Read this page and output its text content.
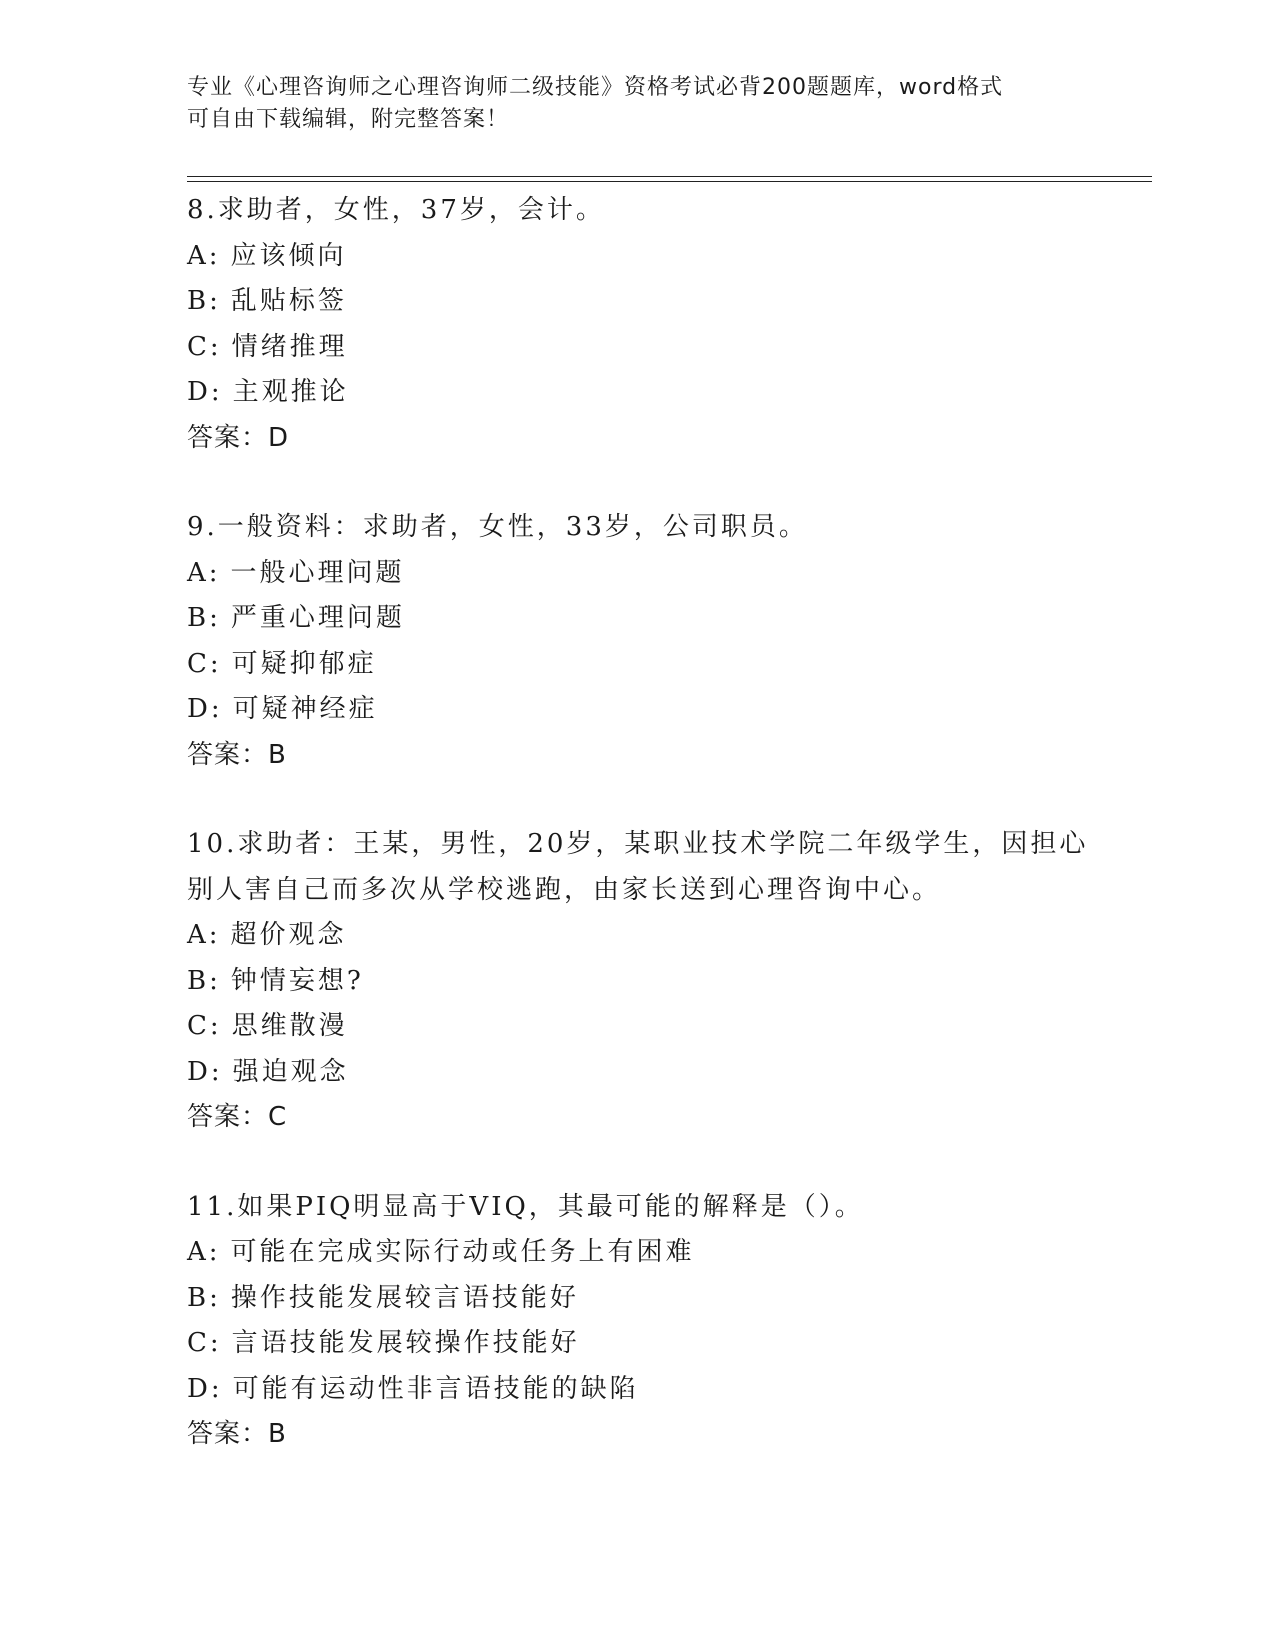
专业《心理咨询师之心理咨询师二级技能》资格考试必背200题题库，word格式
可自由下载编辑，附完整答案！
8.求助者，女性，37岁，会计。
A: 应该倾向
B: 乱贴标签
C: 情绪推理
D: 主观推论
答案：D
9.一般资料：求助者，女性，33岁，公司职员。
A: 一般心理问题
B: 严重心理问题
C: 可疑抑郁症
D: 可疑神经症
答案：B
10.求助者：王某，男性，20岁，某职业技术学院二年级学生，因担心
别人害自己而多次从学校逃跑，由家长送到心理咨询中心。
A: 超价观念
B: 钟情妄想?
C: 思维散漫
D: 强迫观念
答案：C
11.如果PIQ明显高于VIQ，其最可能的解释是（）。
A: 可能在完成实际行动或任务上有困难
B: 操作技能发展较言语技能好
C: 言语技能发展较操作技能好
D: 可能有运动性非言语技能的缺陷
答案：B
